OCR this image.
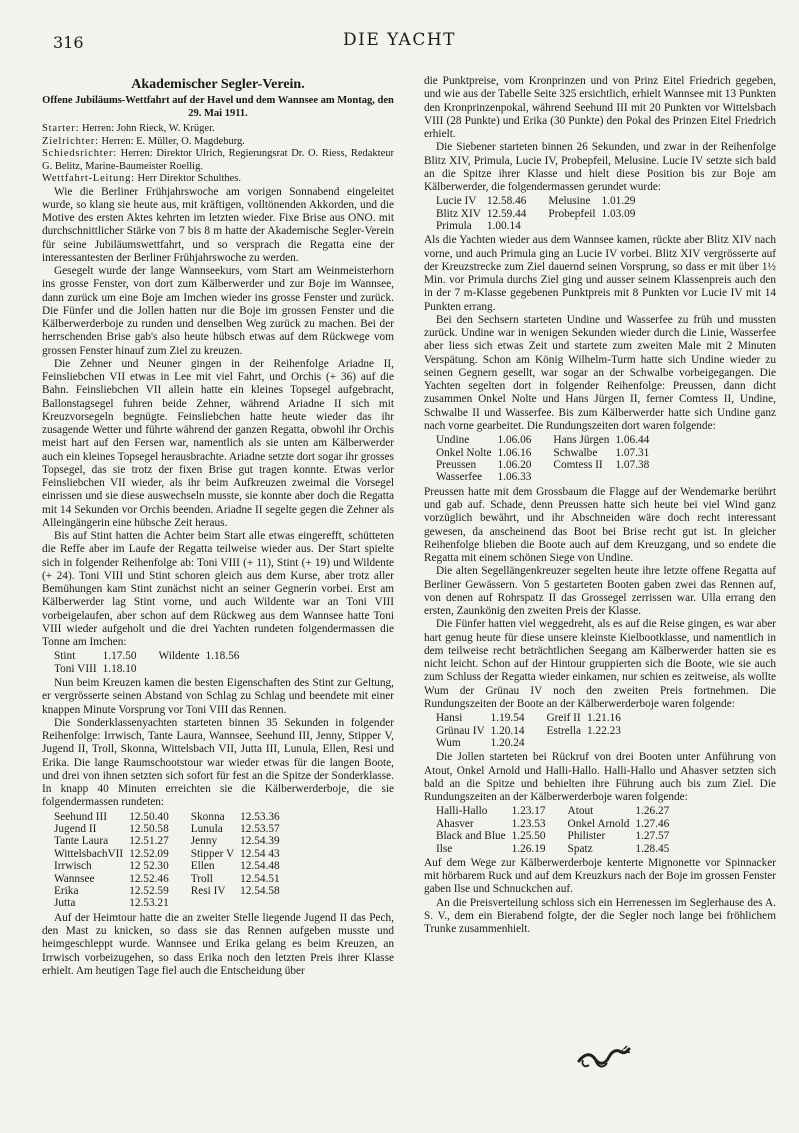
316	DIE YACHT
Akademischer Segler-Verein.
Offene Jubiläums-Wettfahrt auf der Havel und dem Wannsee am Montag, den 29. Mai 1911.

Starter: Herren: John Rieck, W. Krüger.

Zielrichter: Herren: E. Müller, O. Magdeburg.

Schiedsrichter: Herren: Direktor Ulrich, Regierungsrat Dr. O. Riess, Redakteur G. Belitz, Marine-Baumeister Roellig.

Wettfahrt-Leitung: Herr Direktor Schulthes.

Wie die Berliner Frühjahrswoche am vorigen Sonnabend eingeleitet wurde, so klang sie heute aus, mit kräftigen, volltönenden Akkorden, und die Motive des ersten Aktes kehrten im letzten wieder. Fixe Brise aus ONO. mit durchschnittlicher Stärke von 7 bis 8 m hatte der Akademische Segler-Verein für seine Jubiläumswettfahrt, und so versprach die Regatta eine der interessantesten der Berliner Frühjahrswoche zu werden.

Gesegelt wurde der lange Wannseekurs, vom Start am Weinmeisterhorn ins grosse Fenster, von dort zum Kälberwerder und zur Boje im Wannsee, dann zurück um eine Boje am Imchen wieder ins grosse Fenster und zurück. Die Fünfer und die Jollen hatten nur die Boje im grossen Fenster und die Kälberwerderboje zu runden und denselben Weg zurück zu machen. Bei der herrschenden Brise gab's also heute hübsch etwas auf dem Rückwege vom grossen Fenster hinauf zum Ziel zu kreuzen.

Die Zehner und Neuner gingen in der Reihenfolge Ariadne II, Feinsliebchen VII etwas in Lee mit viel Fahrt, und Orchis (+ 36) auf die Bahn. Feinsliebchen VII allein hatte ein kleines Topsegel aufgebracht, Ballonstagsegel fuhren beide Zehner, während Ariadne II sich mit Kreuzvorsegeln begnügte. Feinsliebchen hatte heute wieder das ihr zusagende Wetter und führte während der ganzen Regatta, obwohl ihr Orchis meist hart auf den Fersen war, namentlich als sie unten am Kälberwerder auch ein kleines Topsegel herausbrachte. Ariadne setzte dort sogar ihr grosses Topsegel, das sie trotz der fixen Brise gut tragen konnte. Etwas verlor Feinsliebchen VII wieder, als ihr beim Aufkreuzen zweimal die Vorsegel einrissen und sie diese auswechseln musste, sie konnte aber doch die Regatta mit 14 Sekunden vor Orchis beenden. Ariadne II segelte gegen die Zehner als Alleingängerin eine hübsche Zeit heraus.

Bis auf Stint hatten die Achter beim Start alle etwas eingerefft, schütteten die Reffe aber im Laufe der Regatta teilweise wieder aus. Der Start spielte sich in folgender Reihenfolge ab: Toni VIII (+ 11), Stint (+ 19) und Wildente (+ 24). Toni VIII und Stint schoren gleich aus dem Kurse, aber trotz aller Bemühungen kam Stint zunächst nicht an seiner Gegnerin vorbei. Erst am Kälberwerder lag Stint vorne, und auch Wildente war an Toni VIII vorbeigelaufen, aber schon auf dem Rückweg aus dem Wannsee hatte Toni VIII wieder aufgeholt und die drei Yachten rundeten folgendermassen die Tonne am Imchen:

Stint	1.17.50	Wildente	1.18.56
Toni VIII	1.18.10		

Nun beim Kreuzen kamen die besten Eigenschaften des Stint zur Geltung, er vergrösserte seinen Abstand von Schlag zu Schlag und beendete mit einer knappen Minute Vorsprung vor Toni VIII das Rennen.

Die Sonderklassenyachten starteten binnen 35 Sekunden in folgender Reihenfolge: Irrwisch, Tante Laura, Wannsee, Seehund III, Jenny, Stipper V, Jugend II, Troll, Skonna, Wittelsbach VII, Jutta III, Lunula, Ellen, Resi und Erika. Die lange Raumschootstour war wieder etwas für die langen Boote, und drei von ihnen setzten sich sofort für fest an die Spitze der Sonderklasse. In knapp 40 Minuten erreichten sie die Kälberwerderboje, die sie folgendermassen rundeten:

Seehund III	12.50.40	Skonna	12.53.36
Jugend II	12.50.58	Lunula	12.53.57
Tante Laura	12.51.27	Jenny	12.54.39
WittelsbachVII	12.52.09	Stipper V	12.54 43
Irrwisch	12 52.30	Ellen	12.54.48
Wannsee	12.52.46	Troll	12.54.51
Erika	12.52.59	Resi IV	12.54.58
Jutta	12.53.21		

Auf der Heimtour hatte die an zweiter Stelle liegende Jugend II das Pech, den Mast zu knicken, so dass sie das Rennen aufgeben musste und heimgeschleppt wurde. Wannsee und Erika gelang es beim Kreuzen, an Irrwisch vorbeizugehen, so dass Erika noch den letzten Preis ihrer Klasse erhielt. Am heutigen Tage fiel auch die Entscheidung über

die Punktpreise, vom Kronprinzen und von Prinz Eitel Friedrich gegeben, und wie aus der Tabelle Seite 325 ersichtlich, erhielt Wannsee mit 13 Punkten den Kronprinzenpokal, während Seehund III mit 20 Punkten vor Wittelsbach VIII (28 Punkte) und Erika (30 Punkte) den Pokal des Prinzen Eitel Friedrich erhielt.

Die Siebener starteten binnen 26 Sekunden, und zwar in der Reihenfolge Blitz XIV, Primula, Lucie IV, Probepfeil, Melusine. Lucie IV setzte sich bald an die Spitze ihrer Klasse und hielt diese Position bis zur Boje am Kälberwerder, die folgendermassen gerundet wurde:

Lucie IV	12.58.46	Melusine	1.01.29
Blitz XIV	12.59.44	Probepfeil	1.03.09
Primula	1.00.14		

Als die Yachten wieder aus dem Wannsee kamen, rückte aber Blitz XIV nach vorne, und auch Primula ging an Lucie IV vorbei. Blitz XIV vergrösserte auf der Kreuzstrecke zum Ziel dauernd seinen Vorsprung, so dass er mit über 1½ Min. vor Primula durchs Ziel ging und ausser seinem Klassenpreis auch den in der 7 m-Klasse gegebenen Punktpreis mit 8 Punkten vor Lucie IV mit 14 Punkten errang.

Bei den Sechsern starteten Undine und Wasserfee zu früh und mussten zurück. Undine war in wenigen Sekunden wieder durch die Linie, Wasserfee aber liess sich etwas Zeit und startete zum zweiten Male mit 2 Minuten Verspätung. Schon am König Wilhelm-Turm hatte sich Undine wieder zu seinen Gegnern gesellt, war sogar an der Schwalbe vorbeigegangen. Die Yachten segelten dort in folgender Reihenfolge: Preussen, dann dicht zusammen Onkel Nolte und Hans Jürgen II, ferner Comtess II, Undine, Schwalbe II und Wasserfee. Bis zum Kälberwerder hatte sich Undine ganz nach vorne gearbeitet. Die Rundungszeiten dort waren folgende:

Undine	1.06.06	Hans Jürgen	1.06.44
Onkel Nolte	1.06.16	Schwalbe	1.07.31
Preussen	1.06.20	Comtess II	1.07.38
Wasserfee	1.06.33		

Preussen hatte mit dem Grossbaum die Flagge auf der Wendemarke berührt und gab auf. Schade, denn Preussen hatte sich heute bei viel Wind ganz vorzüglich bewährt, und ihr Abschneiden wäre doch recht interessant gewesen, da anscheinend das Boot bei Brise recht gut ist. In gleicher Reihenfolge blieben die Boote auch auf dem Kreuzgang, und so endete die Regatta mit einem schönen Siege von Undine.

Die alten Segellängenkreuzer segelten heute ihre letzte offene Regatta auf Berliner Gewässern. Von 5 gestarteten Booten gaben zwei das Rennen auf, von denen auf Rohrspatz II das Grossegel zerrissen war. Ulla errang den ersten, Zaunkönig den zweiten Preis der Klasse.

Die Fünfer hatten viel weggedreht, als es auf die Reise gingen, es war aber hart genug heute für diese unsere kleinste Kielbootklasse, und namentlich in dem teilweise recht beträchtlichen Seegang am Kälberwerder hatten sie es nicht leicht. Schon auf der Hintour gruppierten sich die Boote, wie sie auch zum Schluss der Regatta wieder einkamen, nur schien es zeitweise, als wollte Wum der Grünau IV noch den zweiten Preis fortnehmen. Die Rundungszeiten der Boote an der Kälberwerderboje waren folgende:

Hansi	1.19.54	Greif II	1.21.16
Grünau IV	1.20.14	Estrella	1.22.23
Wum	1.20.24		

Die Jollen starteten bei Rückruf von drei Booten unter Anführung von Atout, Onkel Arnold und Halli-Hallo. Halli-Hallo und Ahasver setzten sich bald an die Spitze und behielten ihre Führung auch bis zum Ziel. Die Rundungszeiten an der Kälberwerderboje waren folgende:

Halli-Hallo	1.23.17	Atout	1.26.27
Ahasver	1.23.53	Onkel Arnold	1.27.46
Black and Blue	1.25.50	Philister	1.27.57
Ilse	1.26.19	Spatz	1.28.45

Auf dem Wege zur Kälberwerderboje kenterte Mignonette vor Spinnacker mit hörbarem Ruck und auf dem Kreuzkurs nach der Boje im grossen Fenster gaben Ilse und Schnuckchen auf.

An die Preisverteilung schloss sich ein Herrenessen im Seglerhause des A. S. V., dem ein Bierabend folgte, der die Segler noch lange bei fröhlichem Trunke zusammenhielt.
